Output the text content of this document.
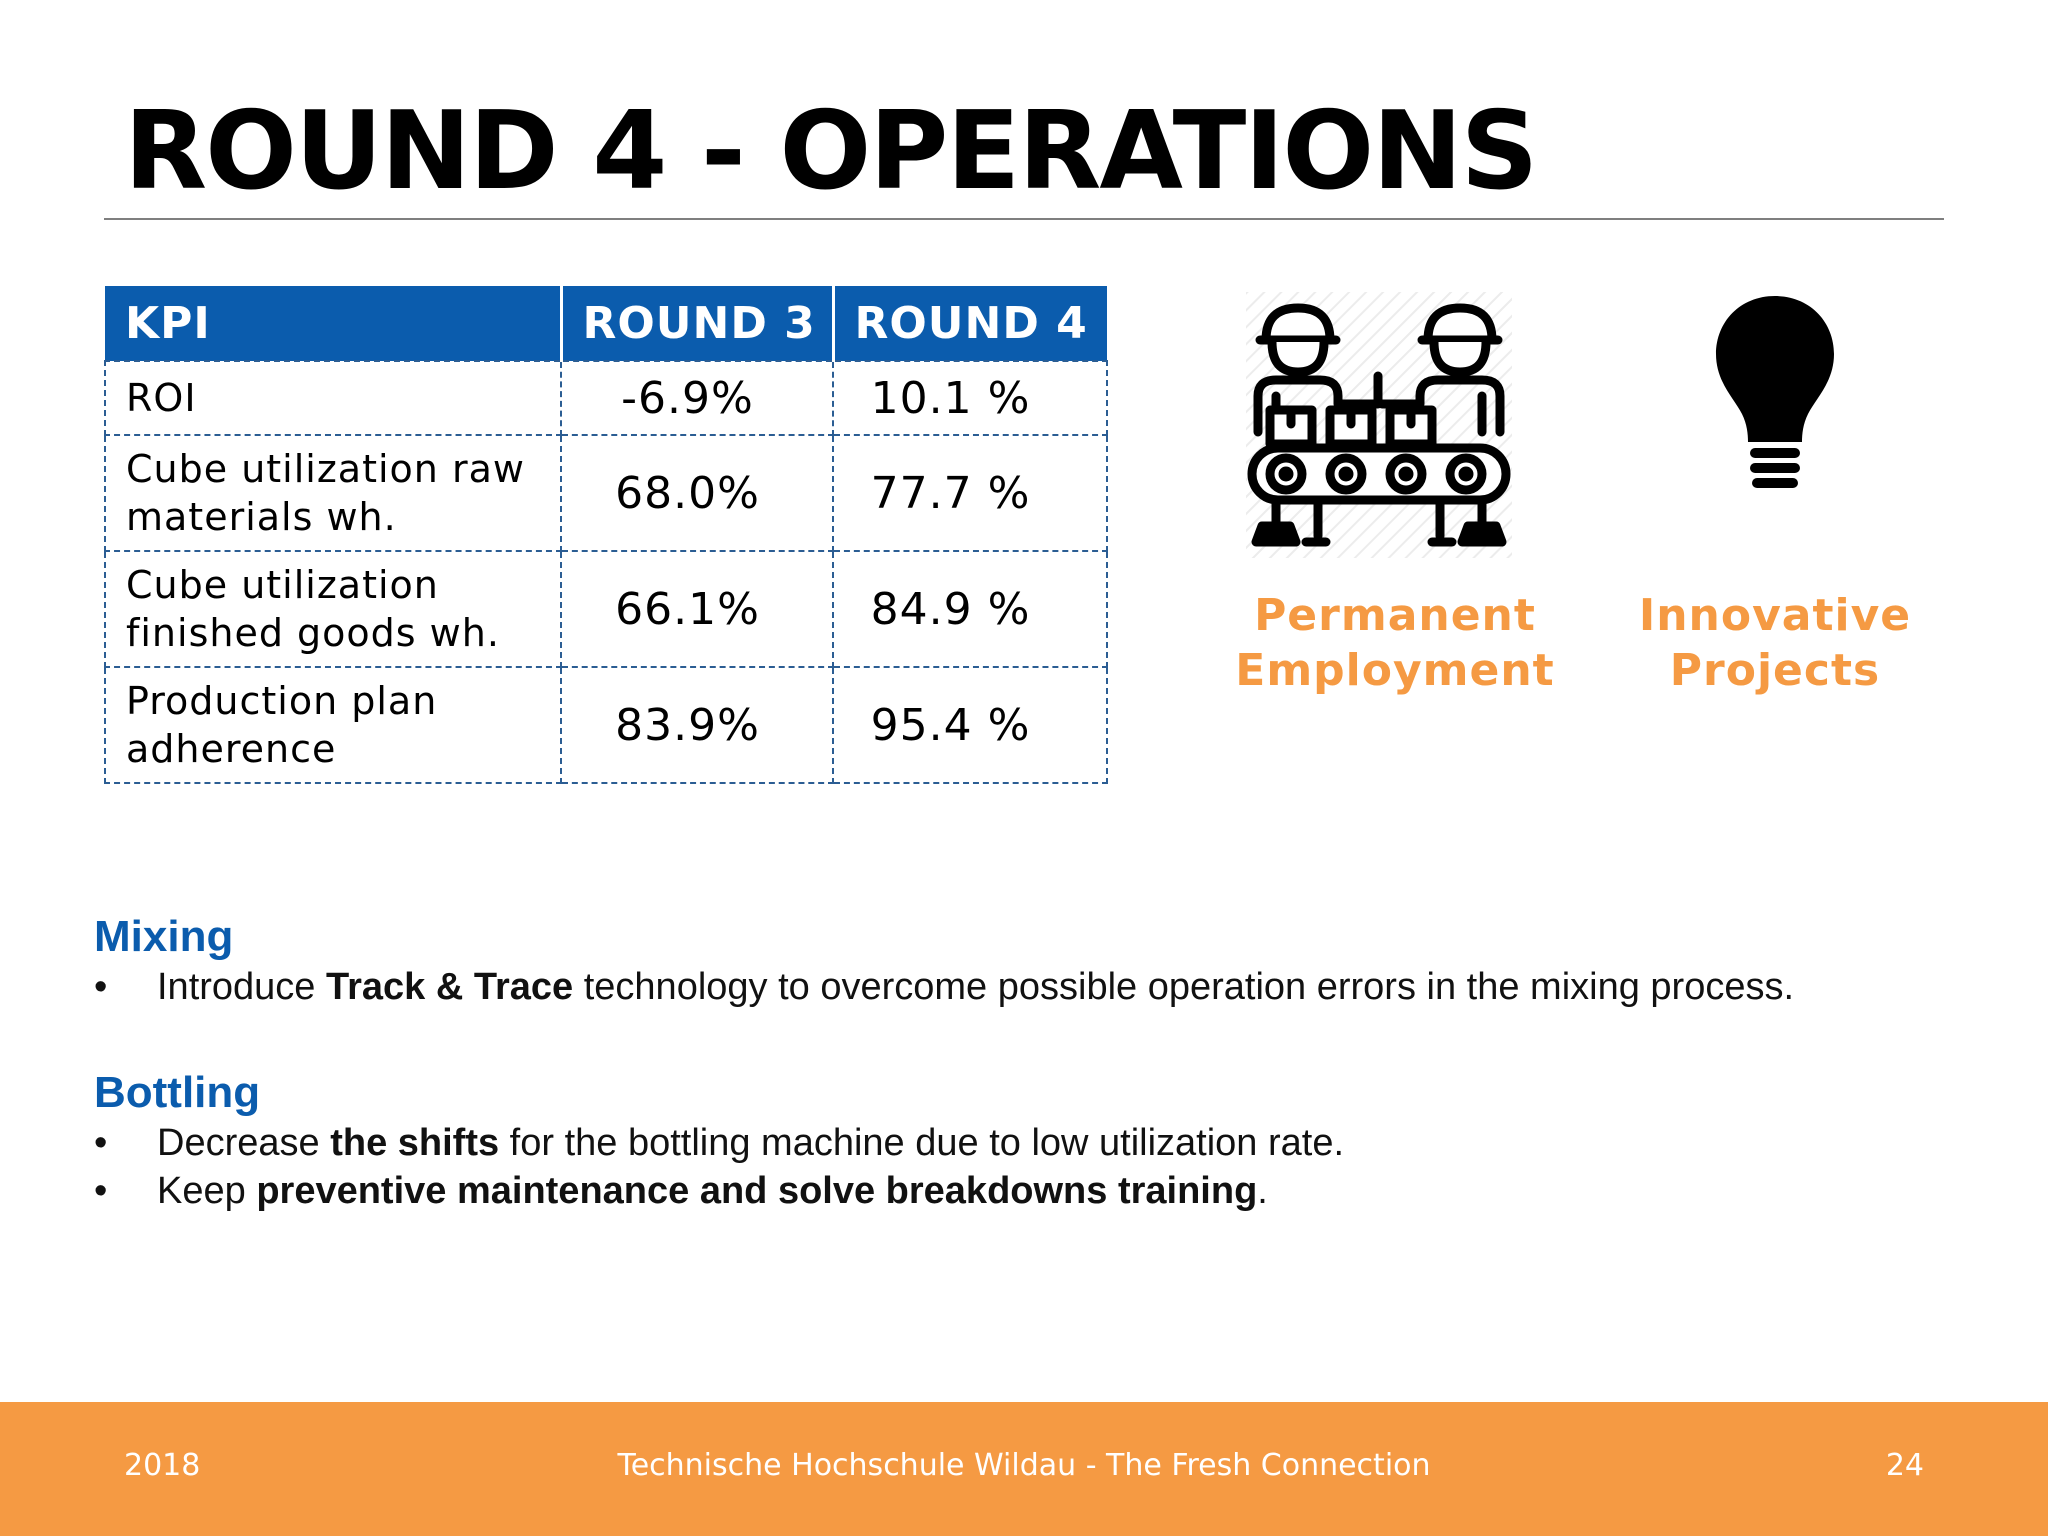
ROUND 4 - OPERATIONS
KPI	ROUND 3	ROUND 4
ROI	-6.9%	10.1 %
Cube utilization raw materials wh.	68.0%	77.7 %
Cube utilization finished goods wh.	66.1%	84.9 %
Production plan adherence	83.9%	95.4 %
Permanent
Employment
Innovative
Projects
Mixing
• Introduce Track & Trace technology to overcome possible operation errors in the mixing process.
Bottling
• Decrease the shifts for the bottling machine due to low utilization rate.
• Keep preventive maintenance and solve breakdowns training.
2018	Technische Hochschule Wildau - The Fresh Connection	24
